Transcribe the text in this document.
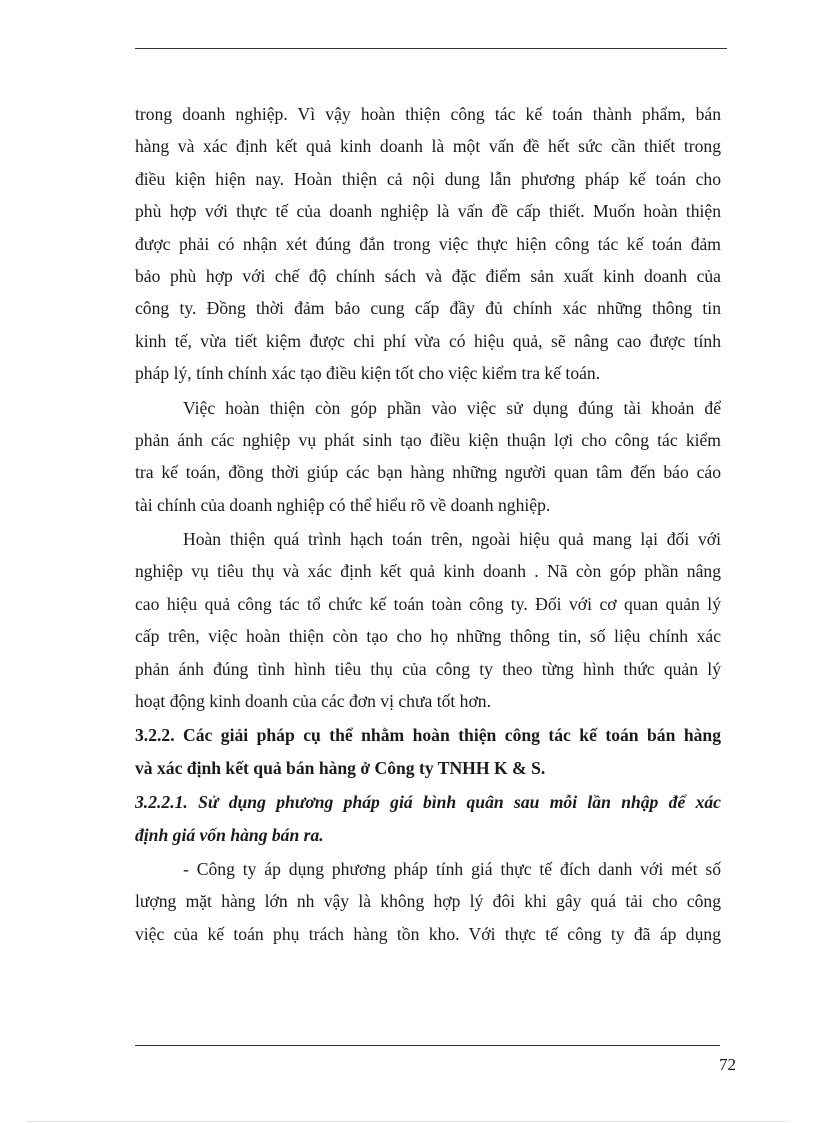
trong doanh nghiệp. Vì vậy hoàn thiện công tác kế toán thành phẩm, bán
hàng và xác định kết quả kinh doanh là một vấn đề hết sức cần thiết trong
điều kiện hiện nay. Hoàn thiện cả nội dung lẫn phương pháp kế toán cho
phù hợp với thực tế của doanh nghiệp là vấn đề cấp thiết. Muốn hoàn thiện
được phải có nhận xét đúng đắn trong việc thực hiện công tác kế toán đảm
bảo phù hợp với chế độ chính sách và đặc điểm sản xuất kinh doanh của
công ty. Đồng thời đảm bảo cung cấp đầy đủ chính xác những thông tin
kinh tế, vừa tiết kiệm được chi phí vừa có hiệu quả, sẽ nâng cao được tính
pháp lý, tính chính xác tạo điều kiện tốt cho việc kiểm tra kế toán.
Việc hoàn thiện còn góp phần vào việc sử dụng đúng tài khoản để
phản ánh các nghiệp vụ phát sinh tạo điều kiện thuận lợi cho công tác kiểm
tra kế toán, đồng thời giúp các bạn hàng những người quan tâm đến báo cáo
tài chính của doanh nghiệp có thể hiểu rõ về doanh nghiệp.
Hoàn thiện quá trình hạch toán trên, ngoài hiệu quả mang lại đối với
nghiệp vụ tiêu thụ và xác định kết quả kinh doanh . Nã còn góp phần nâng
cao hiệu quả công tác tổ chức kế toán toàn công ty. Đối với cơ quan quản lý
cấp trên, việc hoàn thiện còn tạo cho họ những thông tin, số liệu chính xác
phản ánh đúng tình hình tiêu thụ của công ty theo từng hình thức quản lý
hoạt động kinh doanh của các đơn vị chưa tốt hơn.
3.2.2. Các giải pháp cụ thể nhằm hoàn thiện công tác kế toán bán hàng
và xác định kết quả bán hàng ở Công ty TNHH K & S.
3.2.2.1. Sử dụng phương pháp giá bình quân sau mỗi lần nhập để xác
định giá vốn hàng bán ra.
- Công ty áp dụng phương pháp tính giá thực tế đích danh với mét số
lượng mặt hàng lớn nh vậy là không hợp lý đôi khi gây quá tải cho công
việc của kế toán phụ trách hàng tồn kho. Với thực tế công ty đã áp dụng
72
